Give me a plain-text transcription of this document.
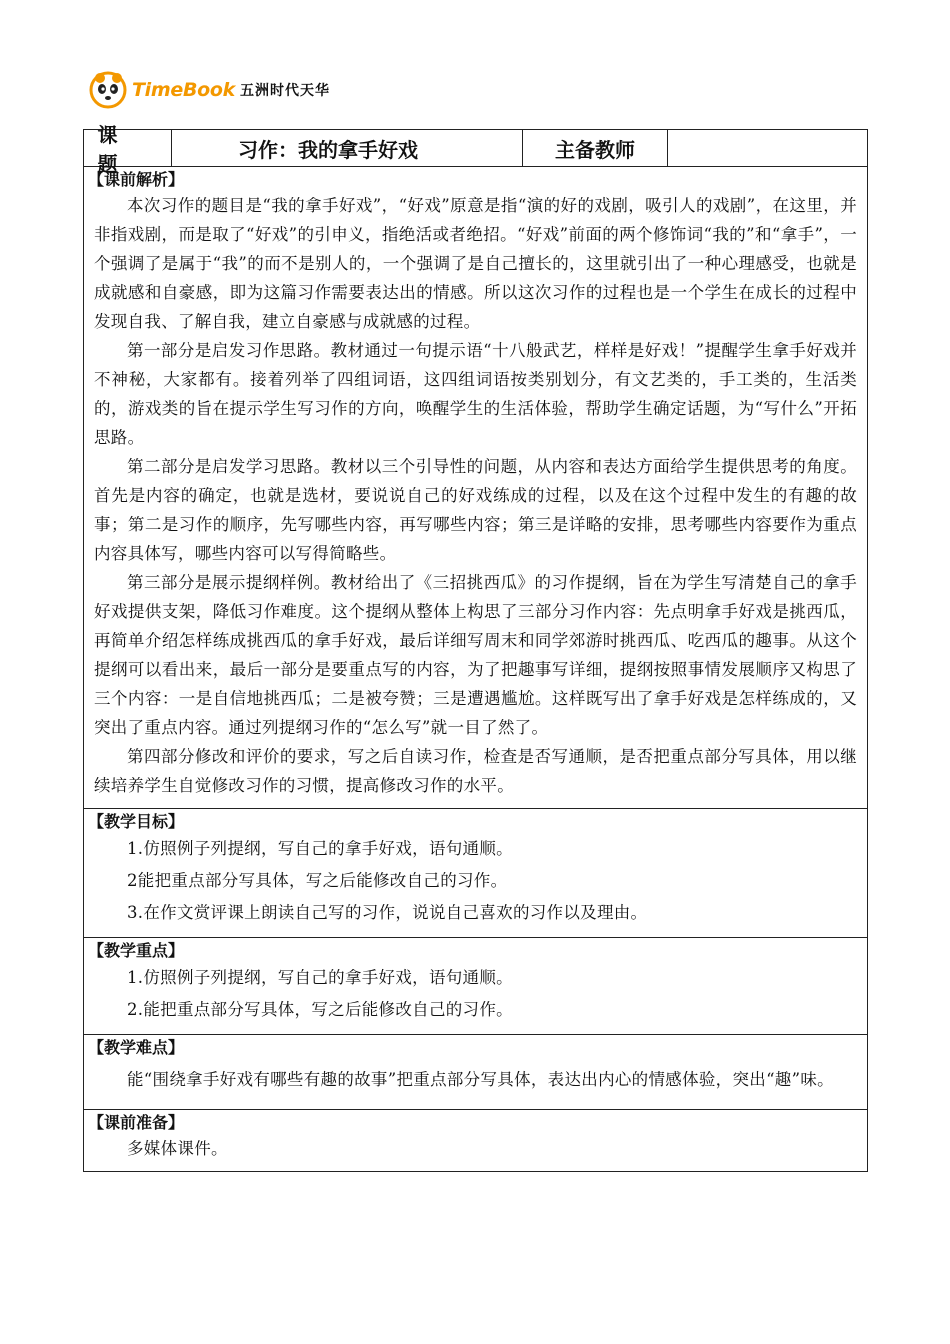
TimeBook 五洲时代天华
课　题
习作：我的拿手好戏	主备教师
【课前解析】

本次习作的题目是“我的拿手好戏”，“好戏”原意是指“演的好的戏剧，吸引人的戏剧”，在这里，并非指戏剧，而是取了“好戏”的引申义，指绝活或者绝招。“好戏”前面的两个修饰词“我的”和“拿手”，一个强调了是属于“我”的而不是别人的，一个强调了是自己擅长的，这里就引出了一种心理感受，也就是成就感和自豪感，即为这篇习作需要表达出的情感。所以这次习作的过程也是一个学生在成长的过程中发现自我、了解自我，建立自豪感与成就感的过程。

第一部分是启发习作思路。教材通过一句提示语“十八般武艺，样样是好戏！”提醒学生拿手好戏并不神秘，大家都有。接着列举了四组词语，这四组词语按类别划分，有文艺类的，手工类的，生活类的，游戏类的旨在提示学生写习作的方向，唤醒学生的生活体验，帮助学生确定话题，为“写什么”开拓思路。

第二部分是启发学习思路。教材以三个引导性的问题，从内容和表达方面给学生提供思考的角度。首先是内容的确定，也就是选材，要说说自己的好戏练成的过程，以及在这个过程中发生的有趣的故事；第二是习作的顺序，先写哪些内容，再写哪些内容；第三是详略的安排，思考哪些内容要作为重点内容具体写，哪些内容可以写得简略些。

第三部分是展示提纲样例。教材给出了《三招挑西瓜》的习作提纲，旨在为学生写清楚自己的拿手好戏提供支架，降低习作难度。这个提纲从整体上构思了三部分习作内容：先点明拿手好戏是挑西瓜，再简单介绍怎样练成挑西瓜的拿手好戏，最后详细写周末和同学郊游时挑西瓜、吃西瓜的趣事。从这个提纲可以看出来，最后一部分是要重点写的内容，为了把趣事写详细，提纲按照事情发展顺序又构思了三个内容：一是自信地挑西瓜；二是被夸赞；三是遭遇尴尬。这样既写出了拿手好戏是怎样练成的，又突出了重点内容。通过列提纲习作的“怎么写”就一目了然了。

第四部分修改和评价的要求，写之后自读习作，检查是否写通顺，是否把重点部分写具体，用以继续培养学生自觉修改习作的习惯，提高修改习作的水平。

【教学目标】

1.仿照例子列提纲，写自己的拿手好戏，语句通顺。

2能把重点部分写具体，写之后能修改自己的习作。

3.在作文赏评课上朗读自己写的习作，说说自己喜欢的习作以及理由。

【教学重点】

1.仿照例子列提纲，写自己的拿手好戏，语句通顺。

2.能把重点部分写具体，写之后能修改自己的习作。

【教学难点】

能“围绕拿手好戏有哪些有趣的故事”把重点部分写具体，表达出内心的情感体验，突出“趣”味。

【课前准备】

多媒体课件。
